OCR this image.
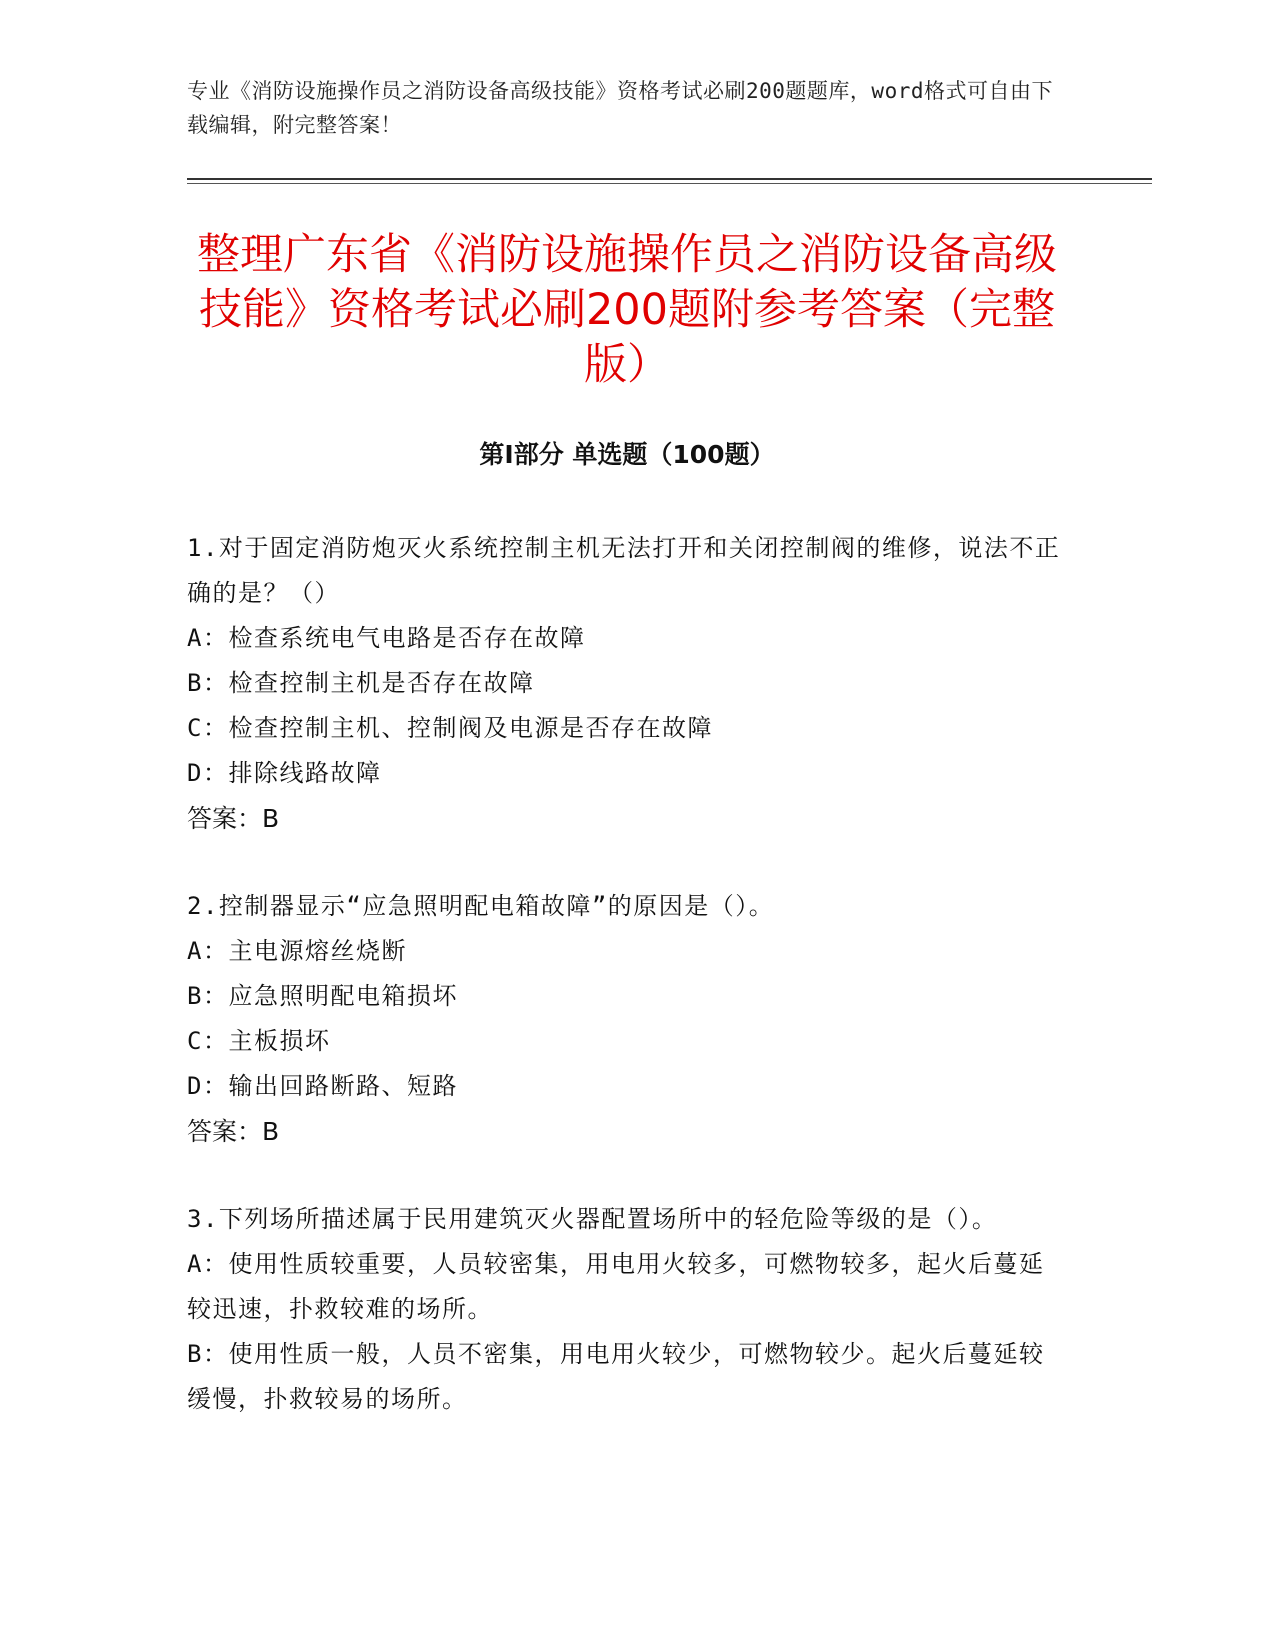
专业《消防设施操作员之消防设备高级技能》资格考试必刷200题题库，word格式可自由下载编辑，附完整答案！
整理广东省《消防设施操作员之消防设备高级技能》资格考试必刷200题附参考答案（完整版）
第Ⅰ部分 单选题（100题）

1.对于固定消防炮灭火系统控制主机无法打开和关闭控制阀的维修，说法不正确的是？（）

A：检查系统电气电路是否存在故障

B：检查控制主机是否存在故障

C：检查控制主机、控制阀及电源是否存在故障

D：排除线路故障

答案：B

2.控制器显示“应急照明配电箱故障”的原因是（）。

A：主电源熔丝烧断

B：应急照明配电箱损坏

C：主板损坏

D：输出回路断路、短路

答案：B

3.下列场所描述属于民用建筑灭火器配置场所中的轻危险等级的是（）。

A：使用性质较重要，人员较密集，用电用火较多，可燃物较多，起火后蔓延较迅速，扑救较难的场所。

B：使用性质一般，人员不密集，用电用火较少，可燃物较少。起火后蔓延较缓慢，扑救较易的场所。
